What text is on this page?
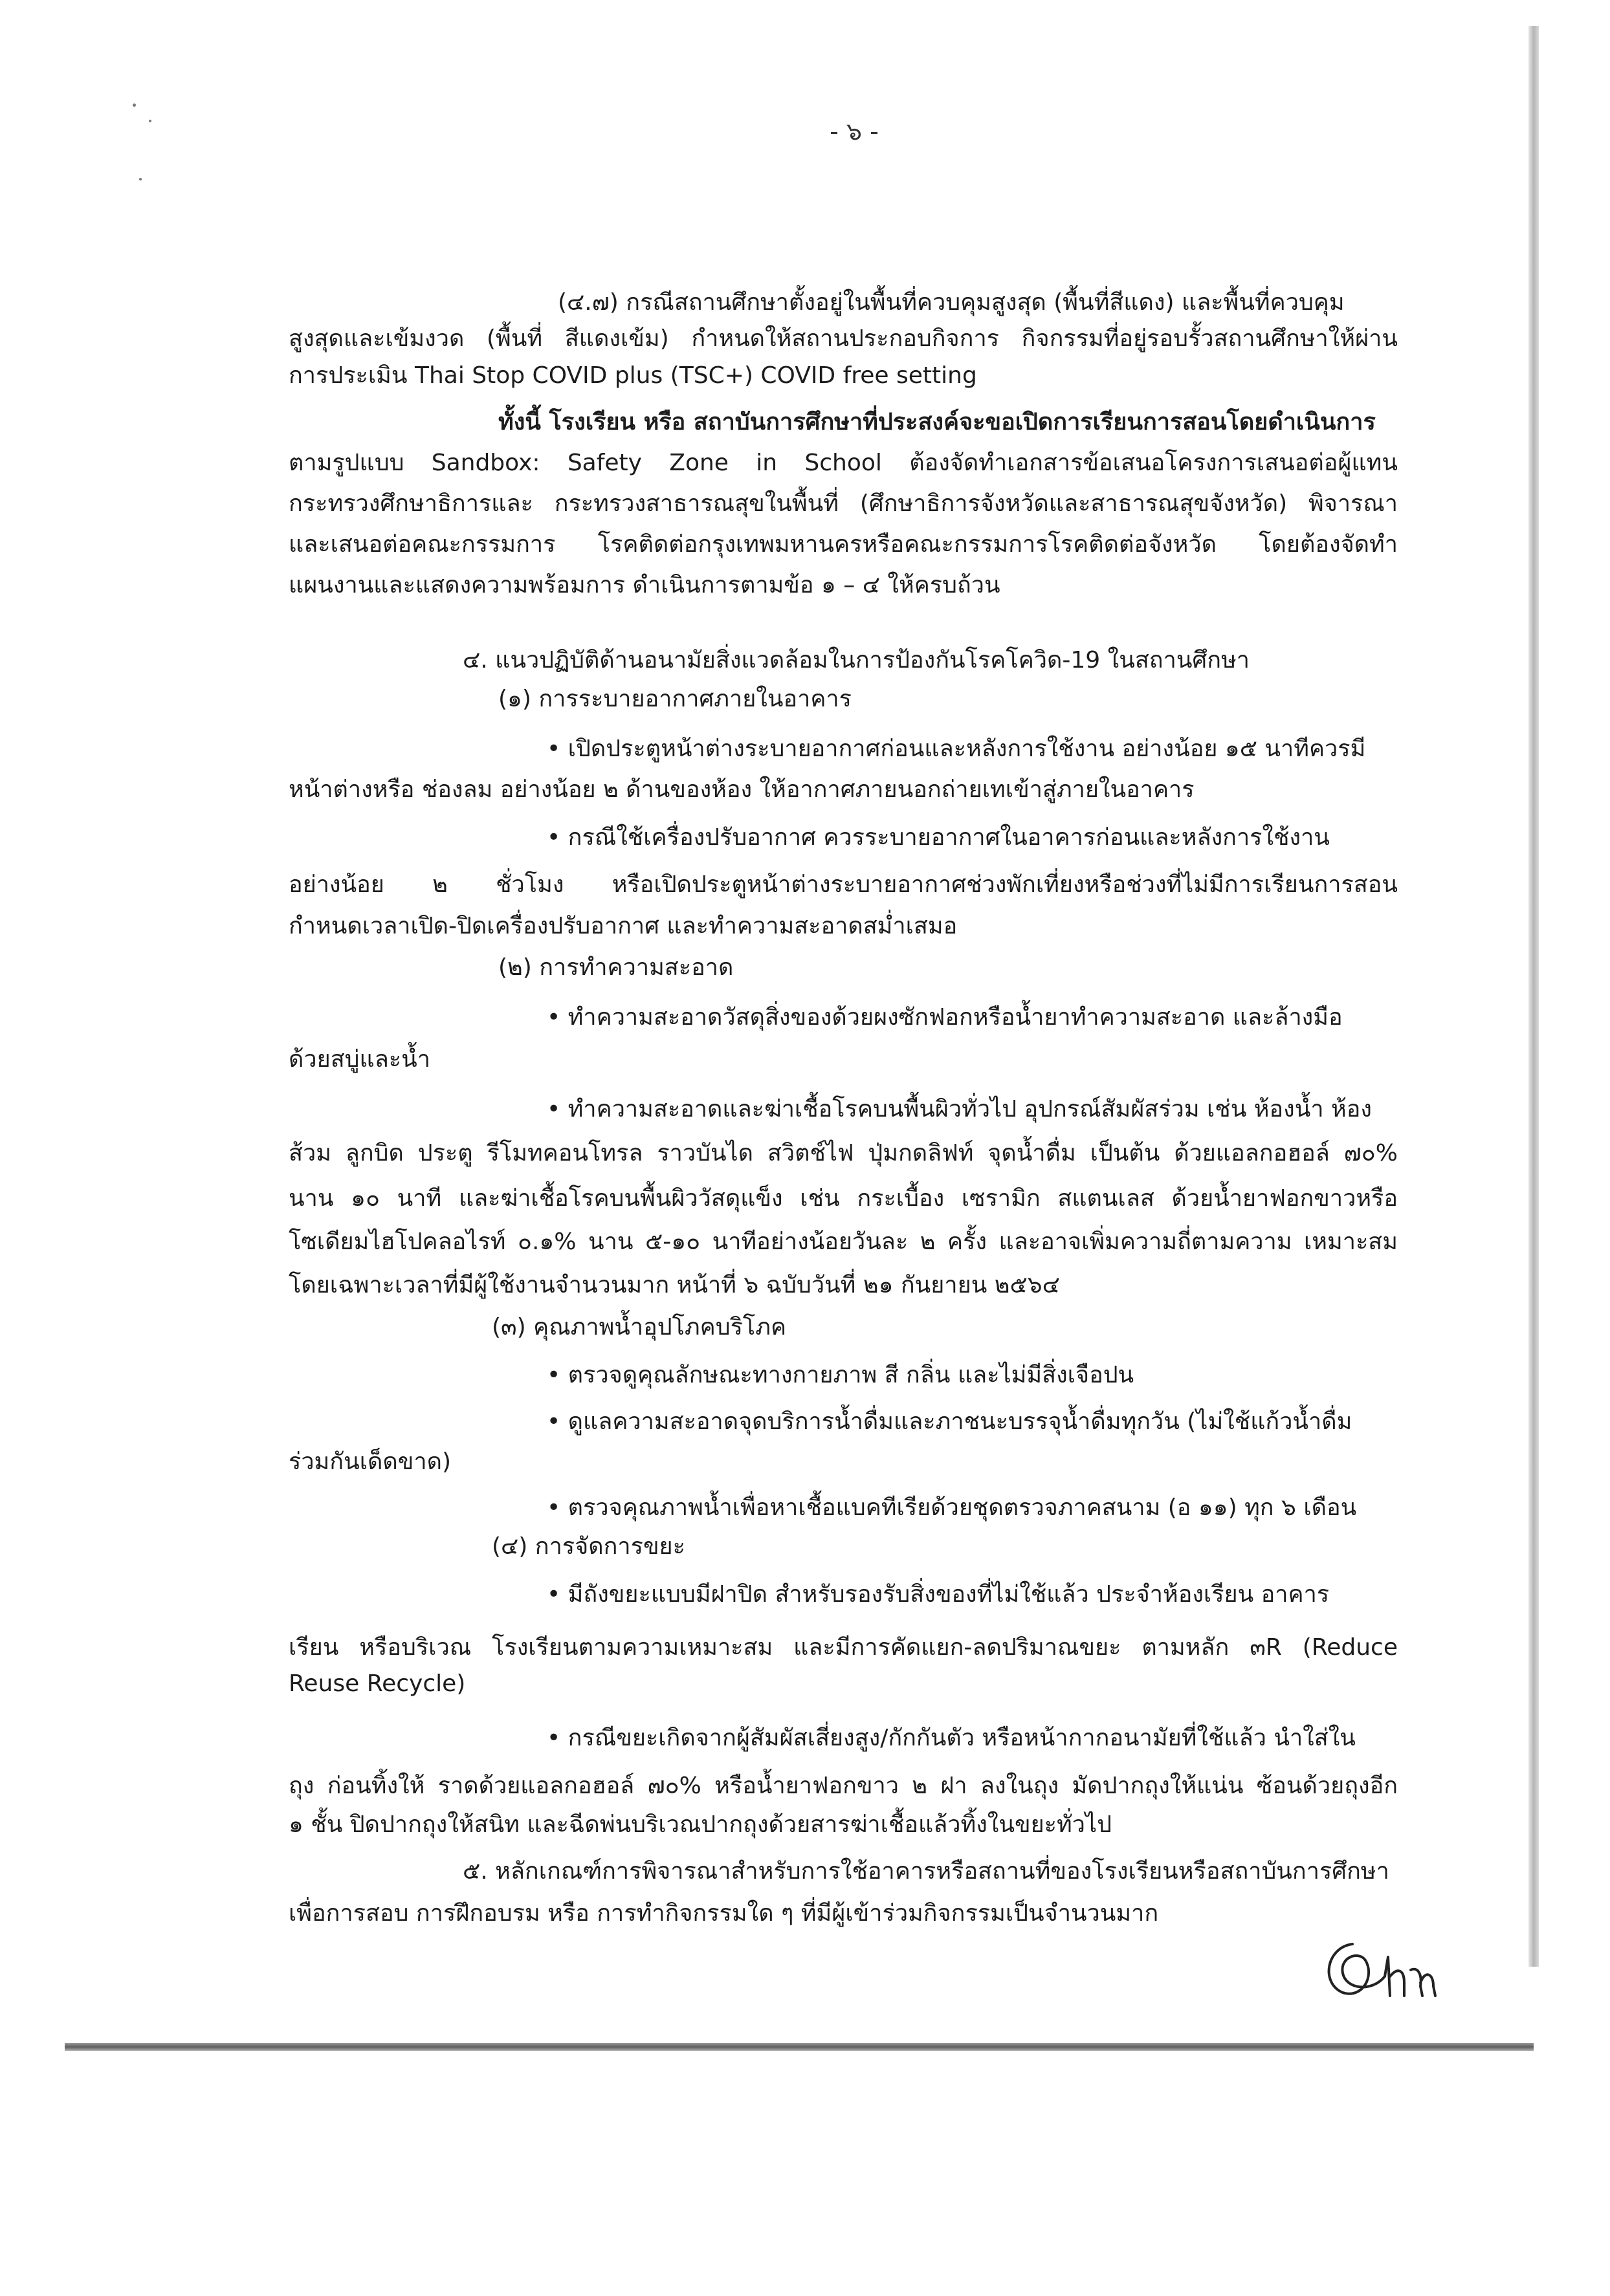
- ๖ -
(๔.๗) กรณีสถานศึกษาตั้งอยู่ในพื้นที่ควบคุมสูงสุด (พื้นที่สีแดง) และพื้นที่ควบคุม
สูงสุดและเข้มงวด (พื้นที่ สีแดงเข้ม) กำหนดให้สถานประกอบกิจการ กิจกรรมที่อยู่รอบรั้วสถานศึกษาให้ผ่าน
การประเมิน Thai Stop COVID plus (TSC+) COVID free setting
ทั้งนี้ โรงเรียน หรือ สถาบันการศึกษาที่ประสงค์จะขอเปิดการเรียนการสอนโดยดำเนินการ
ตามรูปแบบ Sandbox: Safety Zone in School ต้องจัดทำเอกสารข้อเสนอโครงการเสนอต่อผู้แทน
กระทรวงศึกษาธิการและ กระทรวงสาธารณสุขในพื้นที่ (ศึกษาธิการจังหวัดและสาธารณสุขจังหวัด) พิจารณา
และเสนอต่อคณะกรรมการ โรคติดต่อกรุงเทพมหานครหรือคณะกรรมการโรคติดต่อจังหวัด โดยต้องจัดทำ
แผนงานและแสดงความพร้อมการ ดำเนินการตามข้อ ๑ – ๔ ให้ครบถ้วน
๔. แนวปฏิบัติด้านอนามัยสิ่งแวดล้อมในการป้องกันโรคโควิด-19 ในสถานศึกษา
(๑) การระบายอากาศภายในอาคาร
• เปิดประตูหน้าต่างระบายอากาศก่อนและหลังการใช้งาน อย่างน้อย ๑๕ นาทีควรมี
หน้าต่างหรือ ช่องลม อย่างน้อย ๒ ด้านของห้อง ให้อากาศภายนอกถ่ายเทเข้าสู่ภายในอาคาร
• กรณีใช้เครื่องปรับอากาศ ควรระบายอากาศในอาคารก่อนและหลังการใช้งาน
อย่างน้อย ๒ ชั่วโมง หรือเปิดประตูหน้าต่างระบายอากาศช่วงพักเที่ยงหรือช่วงที่ไม่มีการเรียนการสอน
กำหนดเวลาเปิด-ปิดเครื่องปรับอากาศ และทำความสะอาดสม่ำเสมอ
(๒) การทำความสะอาด
• ทำความสะอาดวัสดุสิ่งของด้วยผงซักฟอกหรือน้ำยาทำความสะอาด และล้างมือ
ด้วยสบู่และน้ำ
• ทำความสะอาดและฆ่าเชื้อโรคบนพื้นผิวทั่วไป อุปกรณ์สัมผัสร่วม เช่น ห้องน้ำ ห้อง
ส้วม ลูกบิด ประตู รีโมทคอนโทรล ราวบันได สวิตช์ไฟ ปุ่มกดลิฟท์ จุดน้ำดื่ม เป็นต้น ด้วยแอลกอฮอล์ ๗๐%
นาน ๑๐ นาที และฆ่าเชื้อโรคบนพื้นผิววัสดุแข็ง เช่น กระเบื้อง เซรามิก สแตนเลส ด้วยน้ำยาฟอกขาวหรือ
โซเดียมไฮโปคลอไรท์ ๐.๑% นาน ๕-๑๐ นาทีอย่างน้อยวันละ ๒ ครั้ง และอาจเพิ่มความถี่ตามความ เหมาะสม
โดยเฉพาะเวลาที่มีผู้ใช้งานจำนวนมาก หน้าที่ ๖ ฉบับวันที่ ๒๑ กันยายน ๒๕๖๔
(๓) คุณภาพน้ำอุปโภคบริโภค
• ตรวจดูคุณลักษณะทางกายภาพ สี กลิ่น และไม่มีสิ่งเจือปน
• ดูแลความสะอาดจุดบริการน้ำดื่มและภาชนะบรรจุน้ำดื่มทุกวัน (ไม่ใช้แก้วน้ำดื่ม
ร่วมกันเด็ดขาด)
• ตรวจคุณภาพน้ำเพื่อหาเชื้อแบคทีเรียด้วยชุดตรวจภาคสนาม (อ ๑๑) ทุก ๖ เดือน
(๔) การจัดการขยะ
• มีถังขยะแบบมีฝาปิด สำหรับรองรับสิ่งของที่ไม่ใช้แล้ว ประจำห้องเรียน อาคาร
เรียน หรือบริเวณ โรงเรียนตามความเหมาะสม และมีการคัดแยก-ลดปริมาณขยะ ตามหลัก ๓R (Reduce
Reuse Recycle)
• กรณีขยะเกิดจากผู้สัมผัสเสี่ยงสูง/กักกันตัว หรือหน้ากากอนามัยที่ใช้แล้ว นำใส่ใน
ถุง ก่อนทิ้งให้ ราดด้วยแอลกอฮอล์ ๗๐% หรือน้ำยาฟอกขาว ๒ ฝา ลงในถุง มัดปากถุงให้แน่น ซ้อนด้วยถุงอีก
๑ ชั้น ปิดปากถุงให้สนิท และฉีดพ่นบริเวณปากถุงด้วยสารฆ่าเชื้อแล้วทิ้งในขยะทั่วไป
๕. หลักเกณฑ์การพิจารณาสำหรับการใช้อาคารหรือสถานที่ของโรงเรียนหรือสถาบันการศึกษา
เพื่อการสอบ การฝึกอบรม หรือ การทำกิจกรรมใด ๆ ที่มีผู้เข้าร่วมกิจกรรมเป็นจำนวนมาก
